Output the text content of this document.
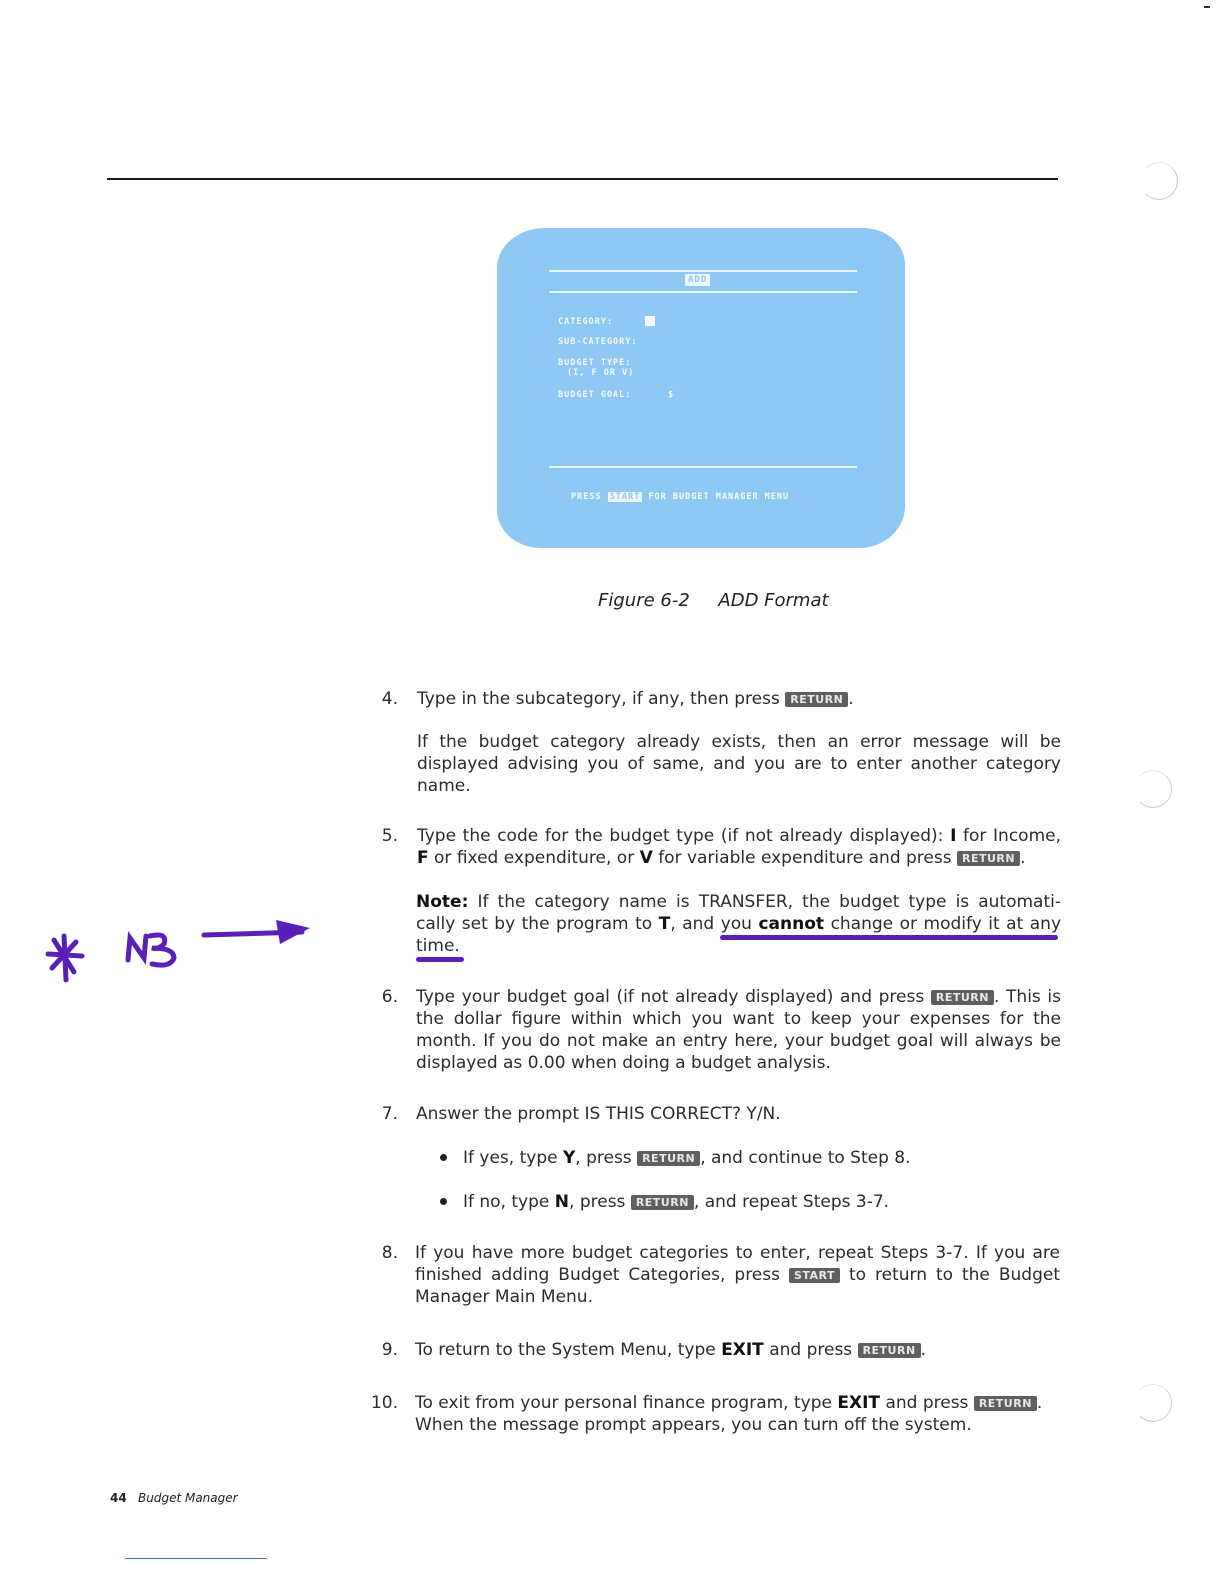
ADD
CATEGORY:
SUB-CATEGORY:
BUDGET TYPE:
(I, F OR V)
BUDGET GOAL:      $
PRESS START FOR BUDGET MANAGER MENU
Figure 6-2     ADD Format
4. Type in the subcategory, if any, then press RETURN .
If the budget category already exists, then an error message will be
displayed advising you of same, and you are to enter another category
name.
5. Type the code for the budget type (if not already displayed): I for Income,
F or fixed expenditure, or V for variable expenditure and press RETURN .
Note: If the category name is TRANSFER, the budget type is automati-
cally set by the program to T, and you cannot change or modify it at any
time.
6. Type your budget goal (if not already displayed) and press RETURN . This is
the dollar figure within which you want to keep your expenses for the
month. If you do not make an entry here, your budget goal will always be
displayed as 0.00 when doing a budget analysis.
7. Answer the prompt IS THIS CORRECT? Y/N.
If yes, type Y, press RETURN , and continue to Step 8.
If no, type N, press RETURN , and repeat Steps 3-7.
8. If you have more budget categories to enter, repeat Steps 3-7. If you are
finished adding Budget Categories, press START to return to the Budget
Manager Main Menu.
9. To return to the System Menu, type EXIT and press RETURN .
10. To exit from your personal finance program, type EXIT and press RETURN .
When the message prompt appears, you can turn off the system.
44 Budget Manager
